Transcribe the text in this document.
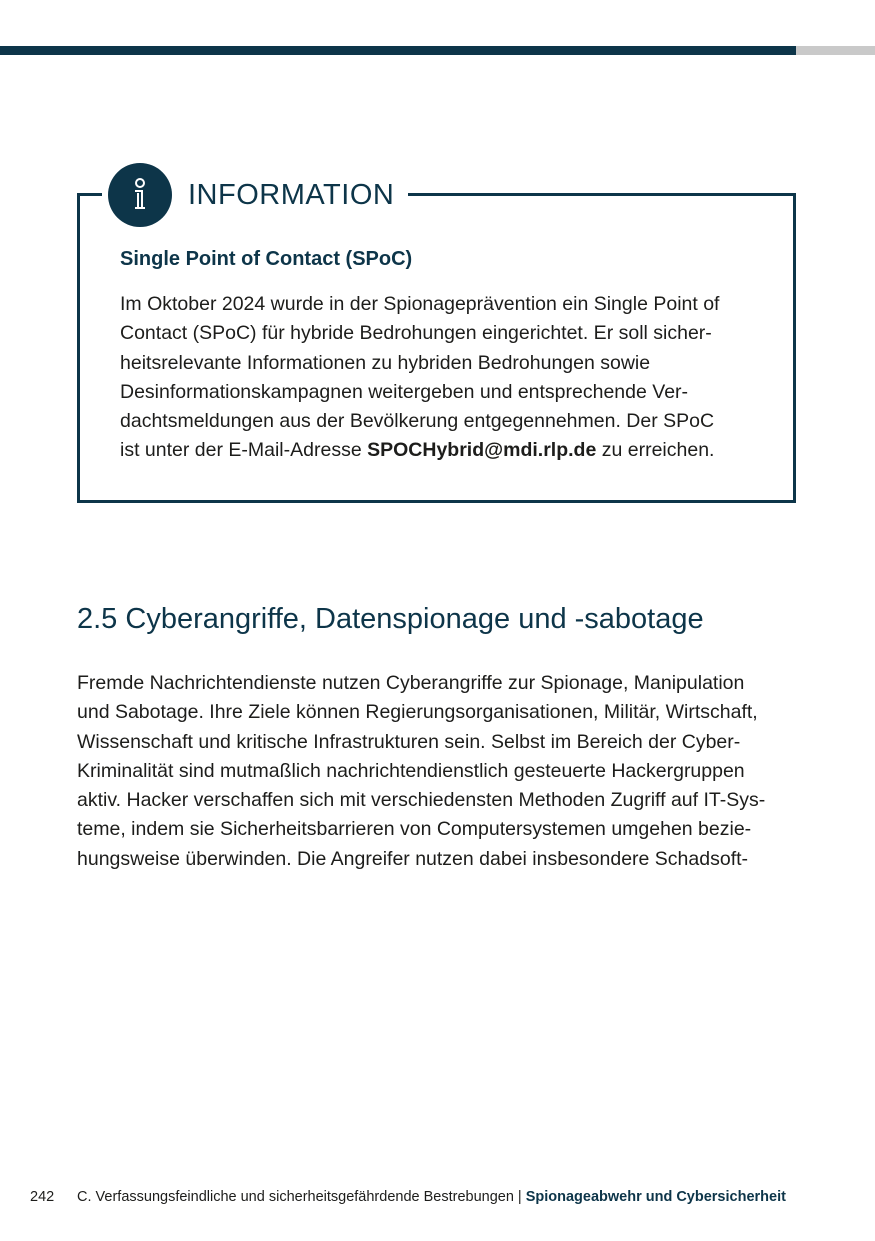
INFORMATION
Single Point of Contact (SPoC)

Im Oktober 2024 wurde in der Spionageprävention ein Single Point of
Contact (SPoC) für hybride Bedrohungen eingerichtet. Er soll sicher-
heitsrelevante Informationen zu hybriden Bedrohungen sowie
Desinformationskampagnen weitergeben und entsprechende Ver-
dachtsmeldungen aus der Bevölkerung entgegennehmen. Der SPoC
ist unter der E-Mail-Adresse SPOCHybrid@mdi.rlp.de zu erreichen.

2.5 Cyberangriffe, Datenspionage und -sabotage

Fremde Nachrichtendienste nutzen Cyberangriffe zur Spionage, Manipulation
und Sabotage. Ihre Ziele können Regierungsorganisationen, Militär, Wirtschaft,
Wissenschaft und kritische Infrastrukturen sein. Selbst im Bereich der Cyber-
Kriminalität sind mutmaßlich nachrichtendienstlich gesteuerte Hackergruppen
aktiv. Hacker verschaffen sich mit verschiedensten Methoden Zugriff auf IT-Sys-
teme, indem sie Sicherheitsbarrieren von Computersystemen umgehen bezie-
hungsweise überwinden. Die Angreifer nutzen dabei insbesondere Schadsoft-

242 C. Verfassungsfeindliche und sicherheitsgefährdende Bestrebungen | Spionageabwehr und Cybersicherheit
